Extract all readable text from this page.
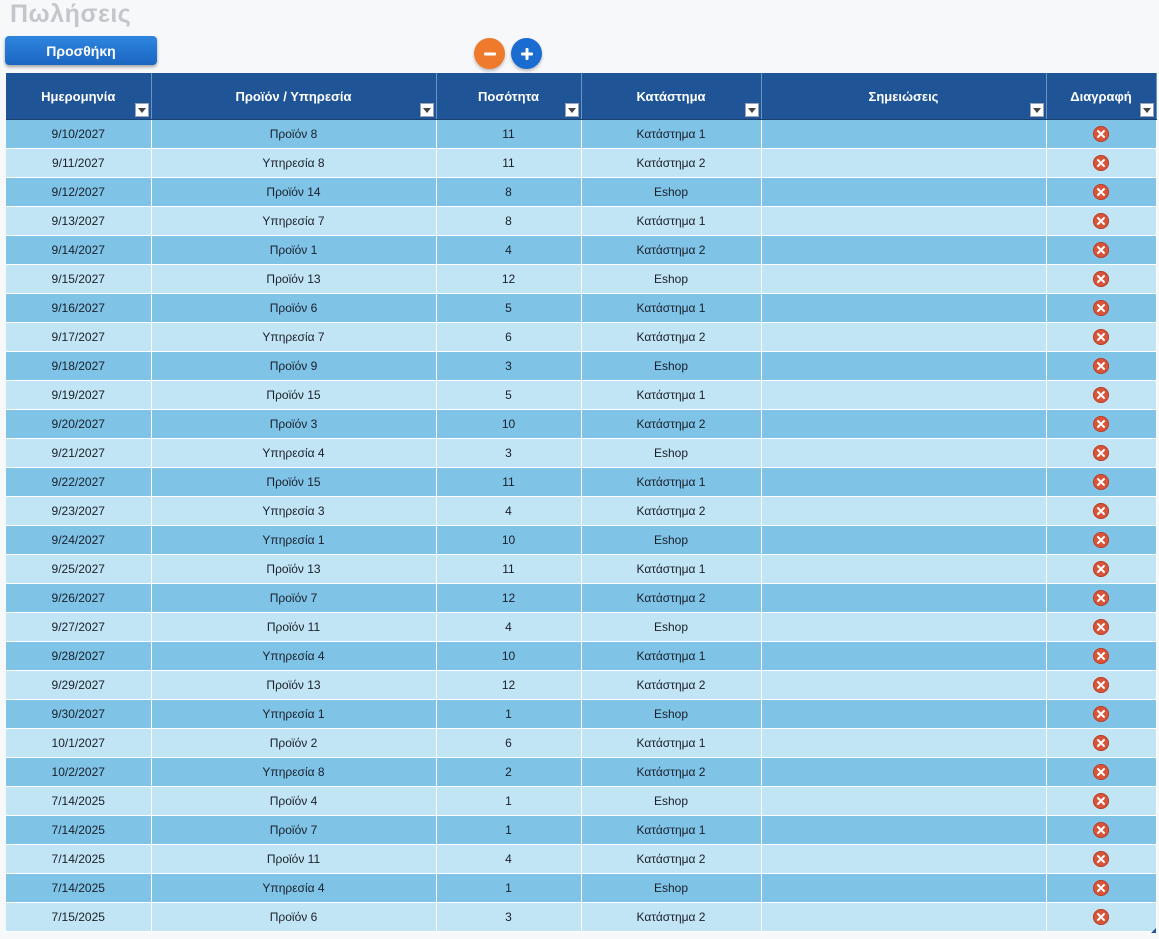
Πωλήσεις
Προσθήκη
Ημερομηνία	Προϊόν / Υπηρεσία	Ποσότητα	Κατάστημα	Σημειώσεις	Διαγραφή

9/10/2027	Προϊόν 8	11	Κατάστημα 1		

9/11/2027	Υπηρεσία 8	11	Κατάστημα 2		

9/12/2027	Προϊόν 14	8	Eshop		

9/13/2027	Υπηρεσία 7	8	Κατάστημα 1		

9/14/2027	Προϊόν 1	4	Κατάστημα 2		

9/15/2027	Προϊόν 13	12	Eshop		

9/16/2027	Προϊόν 6	5	Κατάστημα 1		

9/17/2027	Υπηρεσία 7	6	Κατάστημα 2		

9/18/2027	Προϊόν 9	3	Eshop		

9/19/2027	Προϊόν 15	5	Κατάστημα 1		

9/20/2027	Προϊόν 3	10	Κατάστημα 2		

9/21/2027	Υπηρεσία 4	3	Eshop		

9/22/2027	Προϊόν 15	11	Κατάστημα 1		

9/23/2027	Υπηρεσία 3	4	Κατάστημα 2		

9/24/2027	Υπηρεσία 1	10	Eshop		

9/25/2027	Προϊόν 13	11	Κατάστημα 1		

9/26/2027	Προϊόν 7	12	Κατάστημα 2		

9/27/2027	Προϊόν 11	4	Eshop		

9/28/2027	Υπηρεσία 4	10	Κατάστημα 1		

9/29/2027	Προϊόν 13	12	Κατάστημα 2		

9/30/2027	Υπηρεσία 1	1	Eshop		

10/1/2027	Προϊόν 2	6	Κατάστημα 1		

10/2/2027	Υπηρεσία 8	2	Κατάστημα 2		

7/14/2025	Προϊόν 4	1	Eshop		

7/14/2025	Προϊόν 7	1	Κατάστημα 1		

7/14/2025	Προϊόν 11	4	Κατάστημα 2		

7/14/2025	Υπηρεσία 4	1	Eshop		

7/15/2025	Προϊόν 6	3	Κατάστημα 2		
